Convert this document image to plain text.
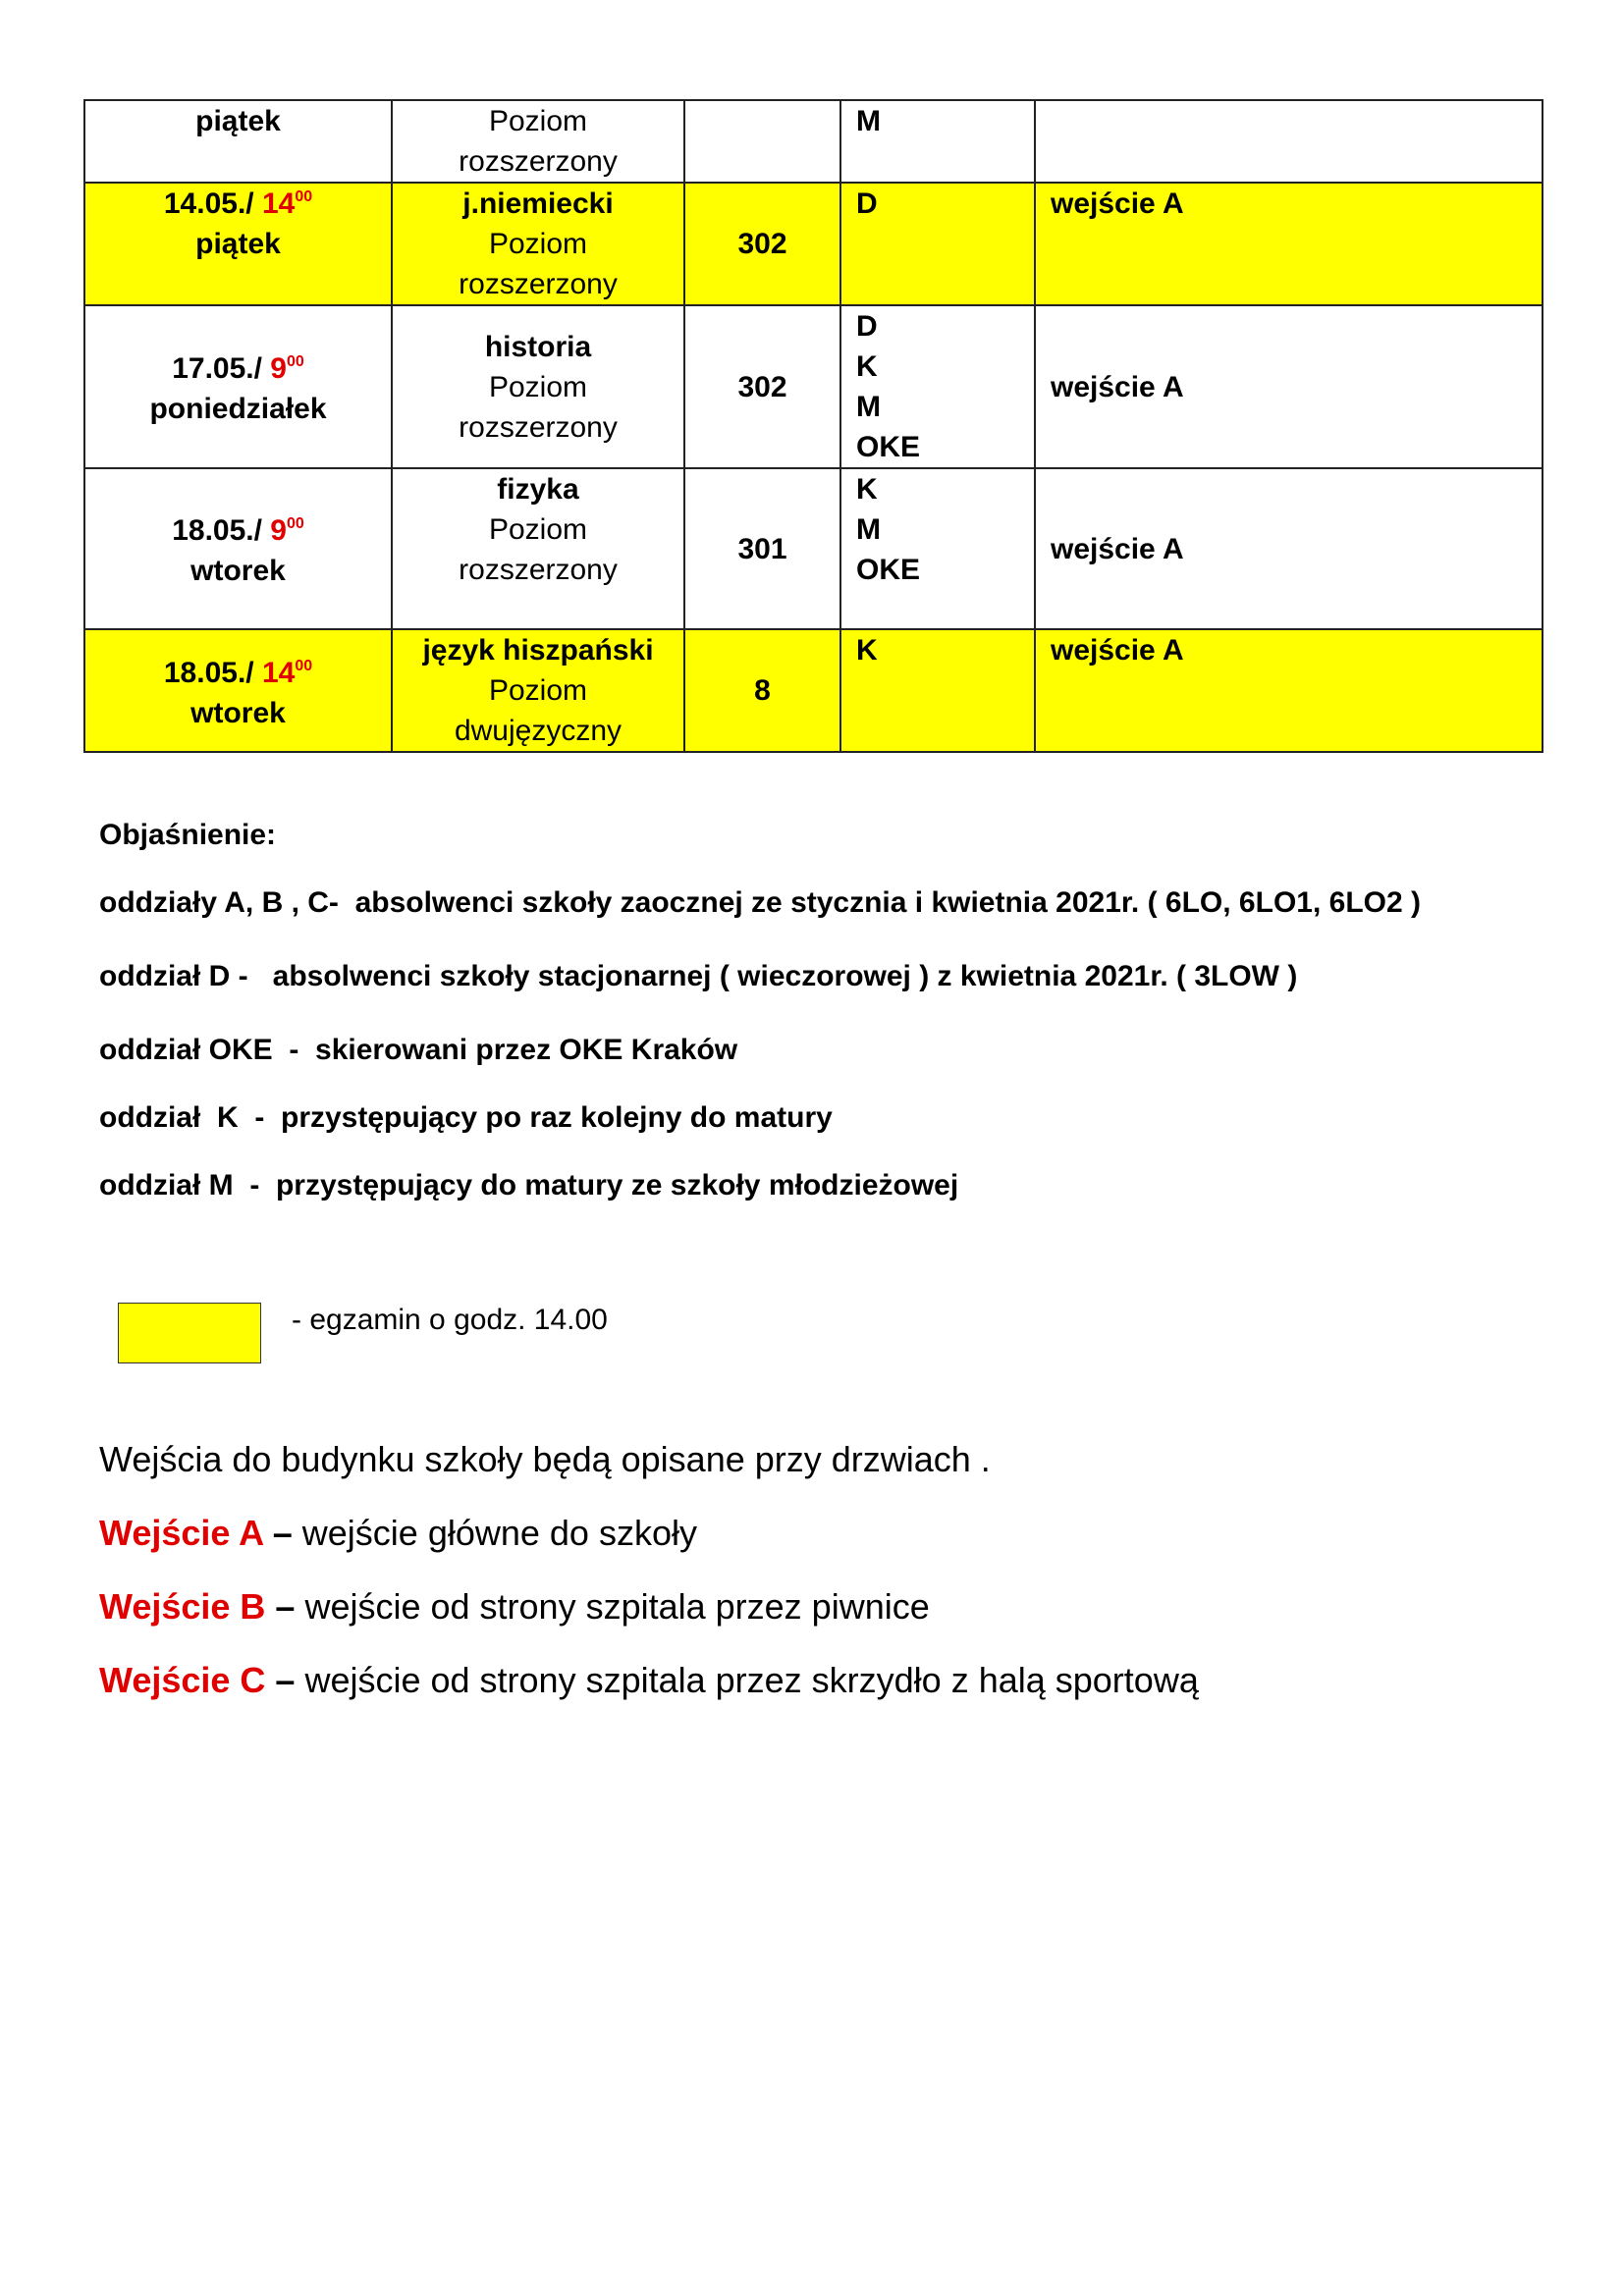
piątek	Poziom
rozszerzony		M	

14.05./ $14^{00}$
piątek	j.niemiecki
Poziom
rozszerzony	302	D	wejście A

17.05./ $9^{00}$
poniedziałek	historia
Poziom
rozszerzony	302	D
K
M
OKE	wejście A

18.05./ $9^{00}$
wtorek	fizyka
Poziom
rozszerzony	301	K
M
OKE	wejście A

18.05./ $14^{00}$
wtorek	język hiszpański
Poziom
dwujęzyczny	8	K	wejście A
Objaśnienie:
oddziały A, B , C-  absolwenci szkoły zaocznej ze stycznia i kwietnia 2021r. ( 6LO, 6LO1, 6LO2 )
oddział D -   absolwenci szkoły stacjonarnej ( wieczorowej ) z kwietnia 2021r. ( 3LOW )
oddział OKE  -  skierowani przez OKE Kraków
oddział  K  -  przystępujący po raz kolejny do matury
oddział M  -  przystępujący do matury ze szkoły młodzieżowej
- egzamin o godz. 14.00
Wejścia do budynku szkoły będą opisane przy drzwiach .
Wejście A – wejście główne do szkoły
Wejście B – wejście od strony szpitala przez piwnice
Wejście C – wejście od strony szpitala przez skrzydło z halą sportową
